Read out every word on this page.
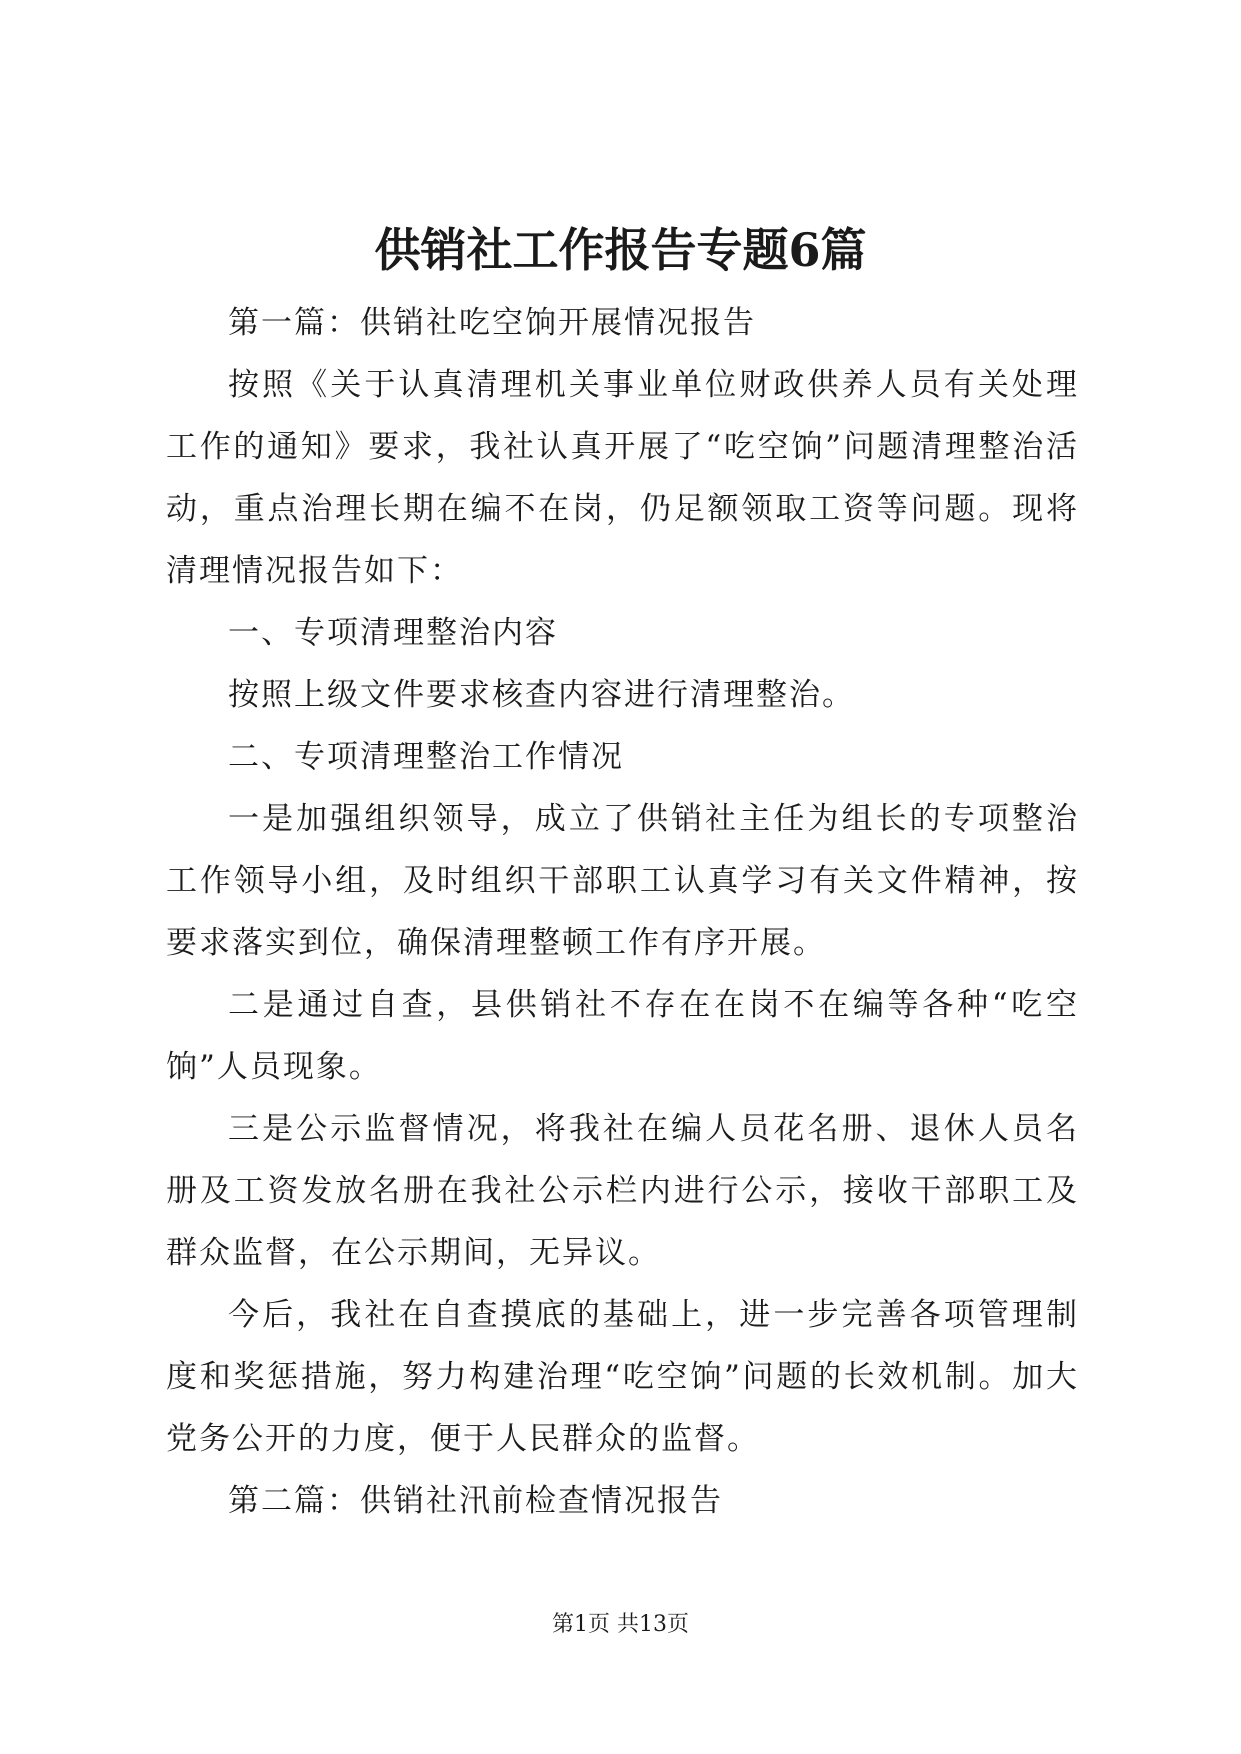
供销社工作报告专题6篇

第一篇：供销社吃空饷开展情况报告

按照《关于认真清理机关事业单位财政供养人员有关处理工作的通知》要求，我社认真开展了“吃空饷”问题清理整治活动，重点治理长期在编不在岗，仍足额领取工资等问题。现将清理情况报告如下：

一、专项清理整治内容

按照上级文件要求核查内容进行清理整治。

二、专项清理整治工作情况

一是加强组织领导，成立了供销社主任为组长的专项整治工作领导小组，及时组织干部职工认真学习有关文件精神，按要求落实到位，确保清理整顿工作有序开展。

二是通过自查，县供销社不存在在岗不在编等各种“吃空饷”人员现象。

三是公示监督情况，将我社在编人员花名册、退休人员名册及工资发放名册在我社公示栏内进行公示，接收干部职工及群众监督，在公示期间，无异议。

今后，我社在自查摸底的基础上，进一步完善各项管理制度和奖惩措施，努力构建治理“吃空饷”问题的长效机制。加大党务公开的力度，便于人民群众的监督。

第二篇：供销社汛前检查情况报告

第1页 共13页
